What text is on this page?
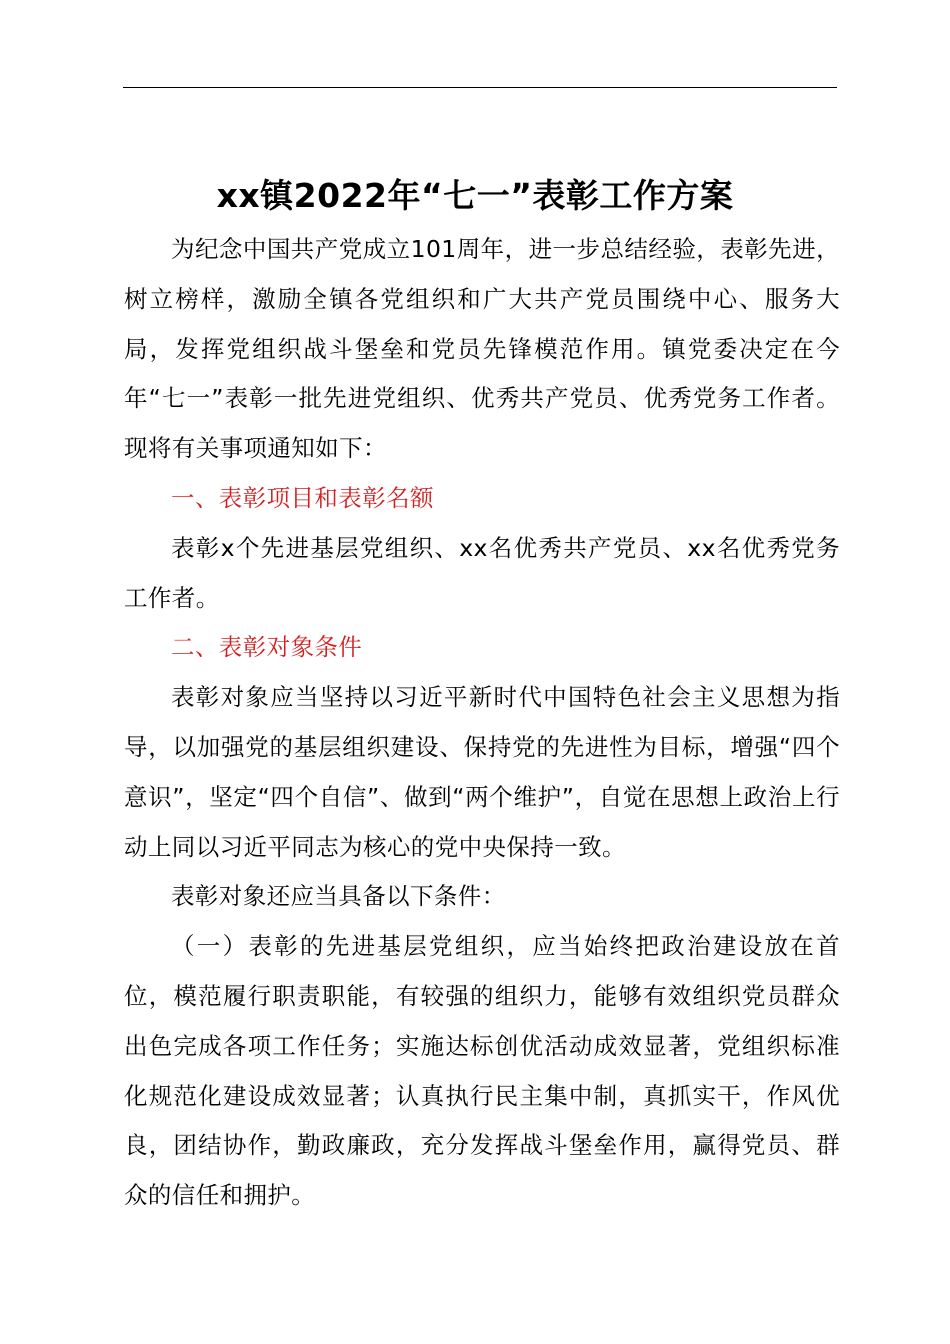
xx镇2022年“七一”表彰工作方案

为纪念中国共产党成立101周年，进一步总结经验，表彰先进，树立榜样，激励全镇各党组织和广大共产党员围绕中心、服务大局，发挥党组织战斗堡垒和党员先锋模范作用。镇党委决定在今年“七一”表彰一批先进党组织、优秀共产党员、优秀党务工作者。现将有关事项通知如下：

一、表彰项目和表彰名额

表彰x个先进基层党组织、xx名优秀共产党员、xx名优秀党务工作者。

二、表彰对象条件

表彰对象应当坚持以习近平新时代中国特色社会主义思想为指导，以加强党的基层组织建设、保持党的先进性为目标，增强“四个意识”，坚定“四个自信”、做到“两个维护”，自觉在思想上政治上行动上同以习近平同志为核心的党中央保持一致。

表彰对象还应当具备以下条件：

（一）表彰的先进基层党组织，应当始终把政治建设放在首位，模范履行职责职能，有较强的组织力，能够有效组织党员群众出色完成各项工作任务；实施达标创优活动成效显著，党组织标准化规范化建设成效显著；认真执行民主集中制，真抓实干，作风优良，团结协作，勤政廉政，充分发挥战斗堡垒作用，赢得党员、群众的信任和拥护。
